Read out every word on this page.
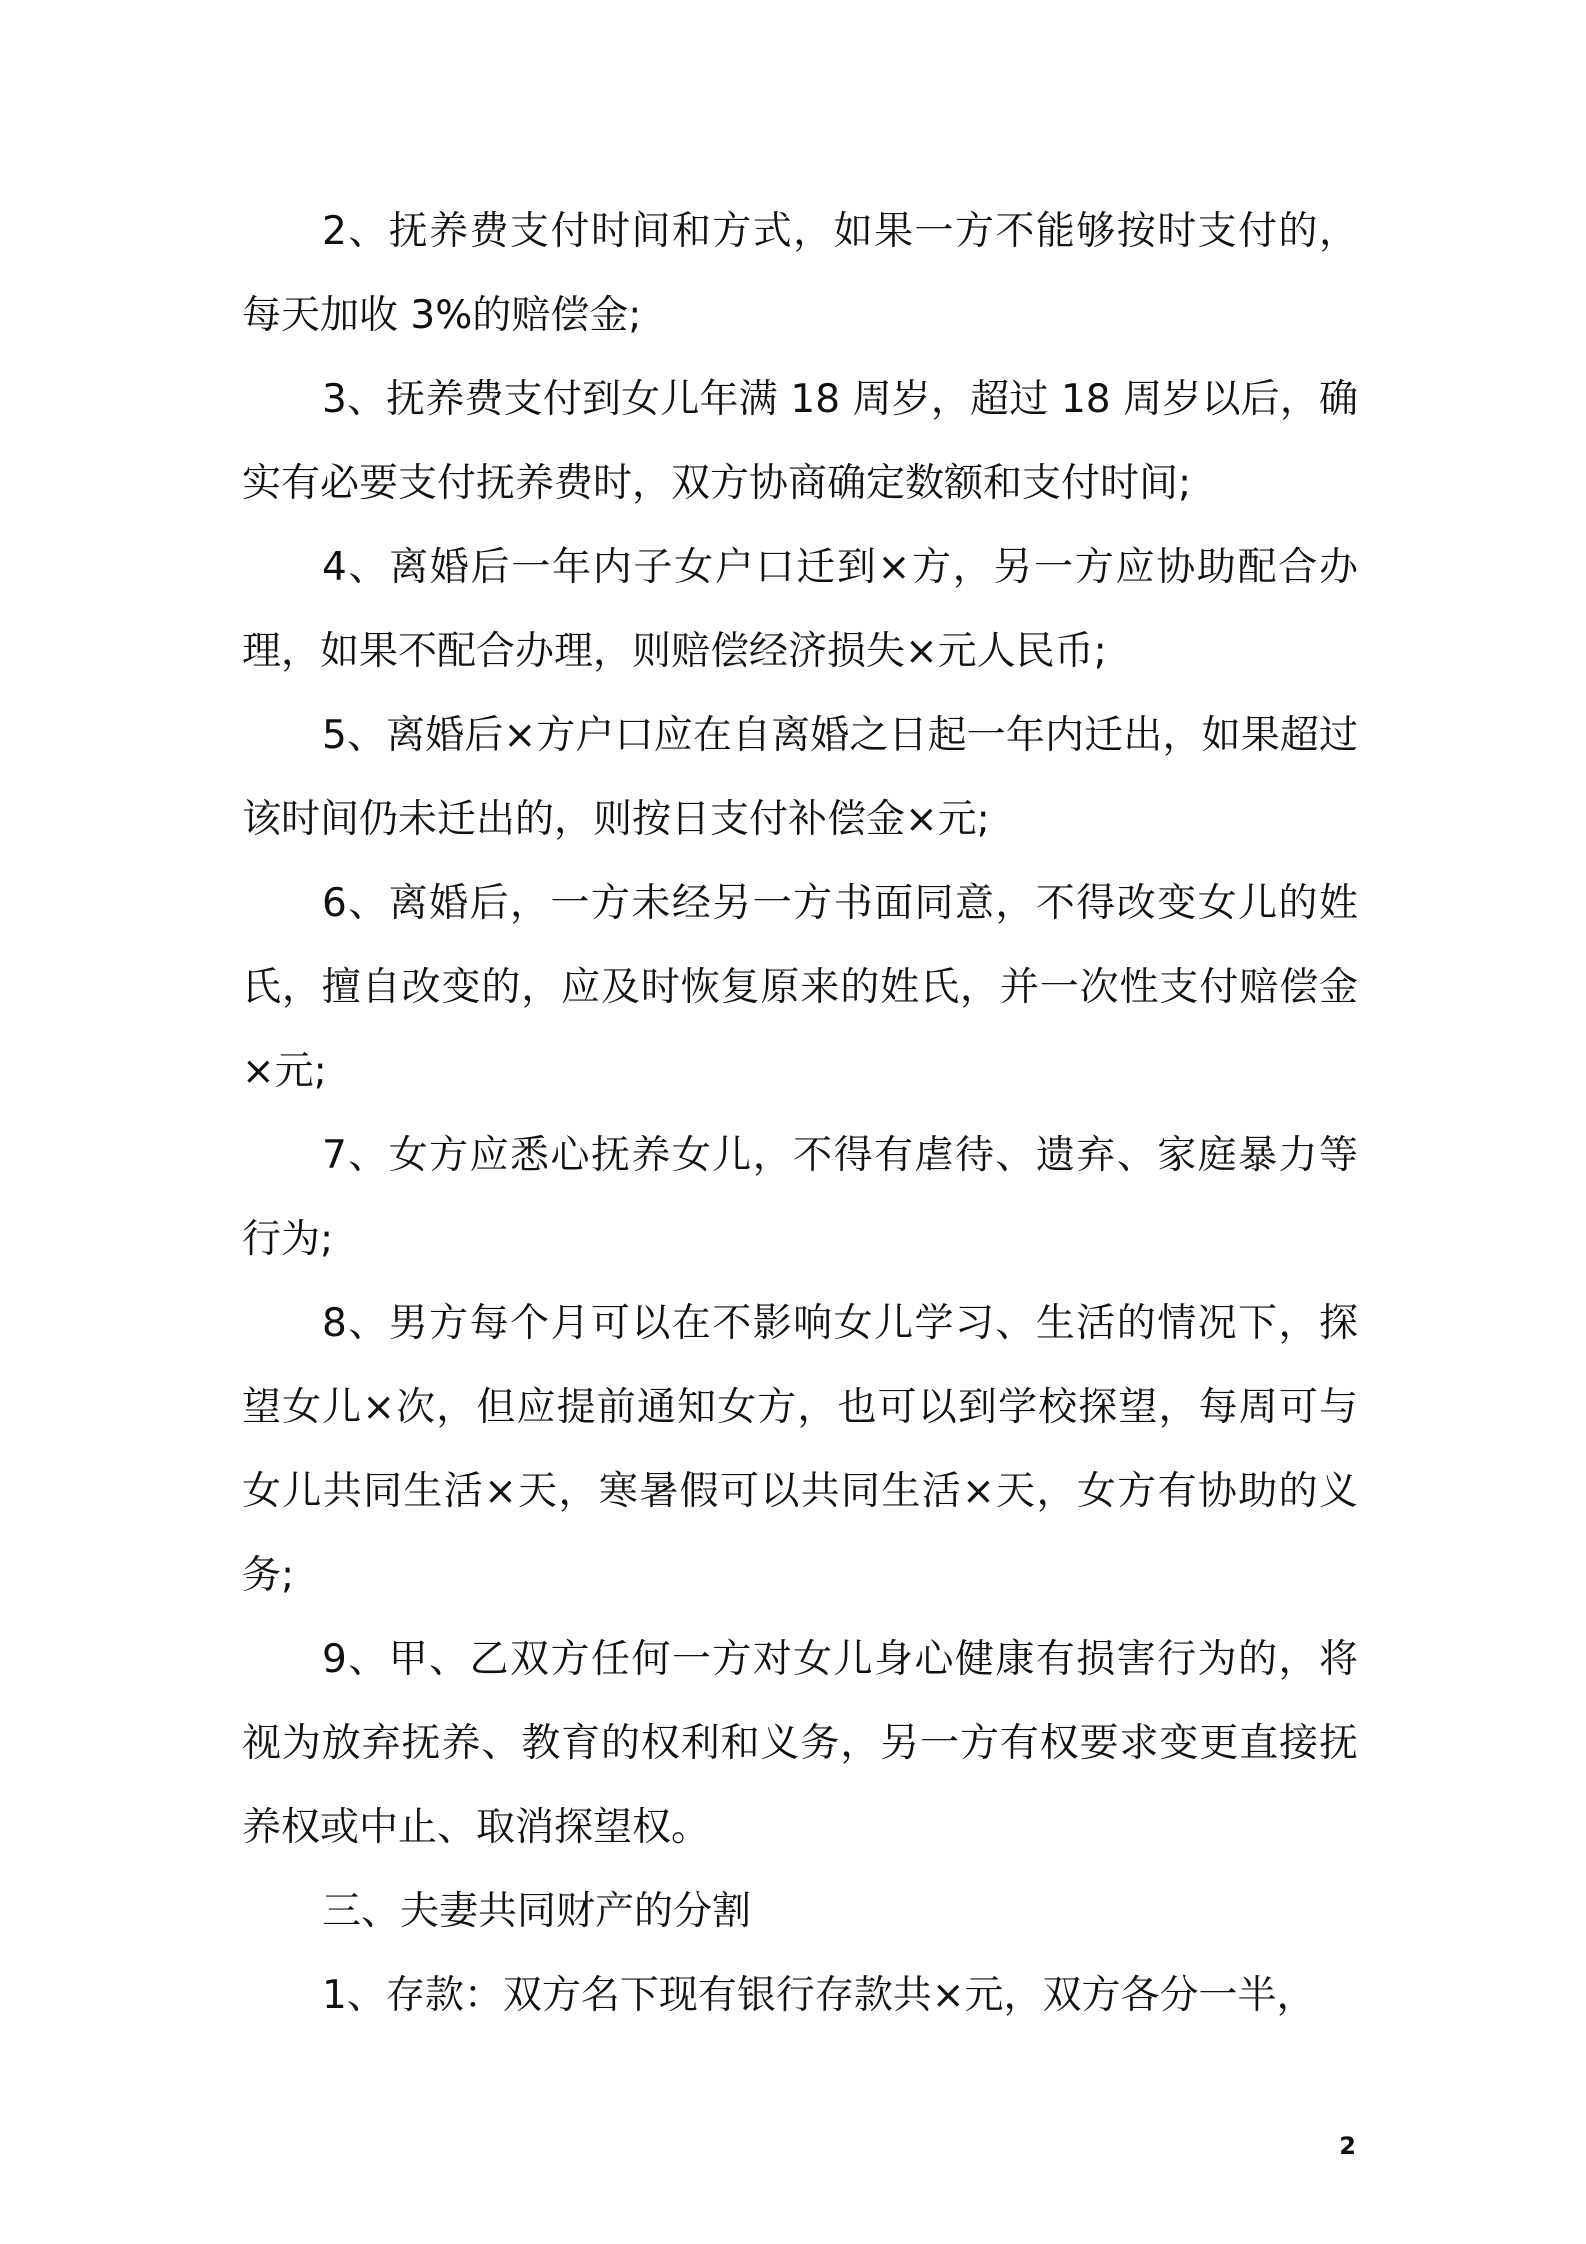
2、抚养费支付时间和方式，如果一方不能够按时支付的，每天加收 3%的赔偿金;

3、抚养费支付到女儿年满 18 周岁，超过 18 周岁以后，确实有必要支付抚养费时，双方协商确定数额和支付时间;

4、离婚后一年内子女户口迁到×方，另一方应协助配合办理，如果不配合办理，则赔偿经济损失×元人民币;

5、离婚后×方户口应在自离婚之日起一年内迁出，如果超过该时间仍未迁出的，则按日支付补偿金×元;

6、离婚后，一方未经另一方书面同意，不得改变女儿的姓氏，擅自改变的，应及时恢复原来的姓氏，并一次性支付赔偿金×元;

7、女方应悉心抚养女儿，不得有虐待、遗弃、家庭暴力等行为;

8、男方每个月可以在不影响女儿学习、生活的情况下，探望女儿×次，但应提前通知女方，也可以到学校探望，每周可与女儿共同生活×天，寒暑假可以共同生活×天，女方有协助的义务;

9、甲、乙双方任何一方对女儿身心健康有损害行为的，将视为放弃抚养、教育的权利和义务，另一方有权要求变更直接抚养权或中止、取消探望权。

三、夫妻共同财产的分割

1、存款：双方名下现有银行存款共×元，双方各分一半，

2
